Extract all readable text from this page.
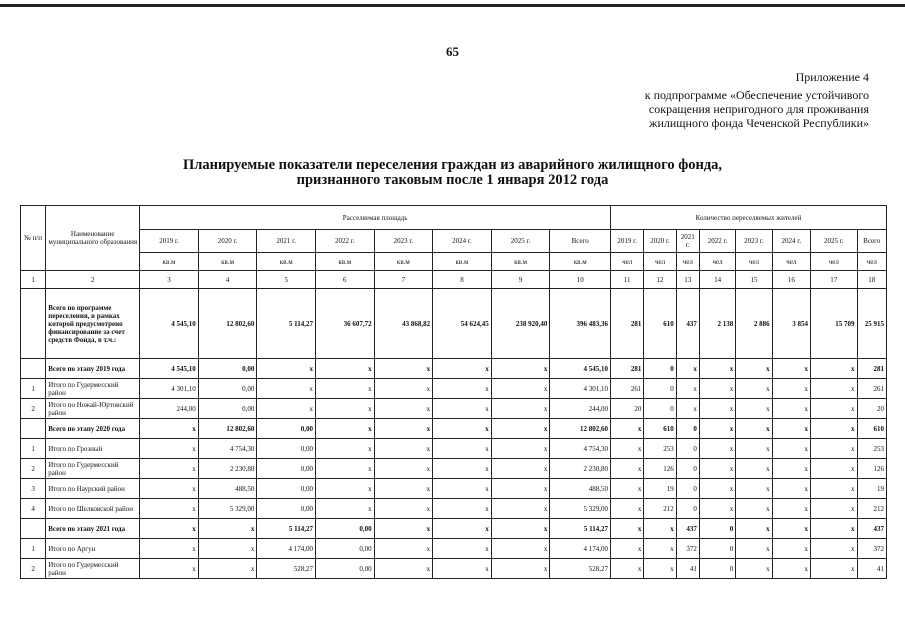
65
Приложение 4
к подпрограмме «Обеспечение устойчивого
сокращения непригодного для проживания
жилищного фонда Чеченской Республики»
Планируемые показатели переселения граждан из аварийного жилищного фонда,
признанного таковым после 1 января 2012 года
№ п/п	Наименование муниципального образования	Расселяемая площадь								Количество переселяемых жителей							
		2019 г.	2020 г.	2021 г.	2022 г.	2023 г.	2024 г.	2025 г.	Всего	2019 г.	2020 г.	2021 г.	2022 г.	2023 г.	2024 г.	2025 г.	Всего
		кв.м	кв.м	кв.м	кв.м	кв.м	кв.м	кв.м	кв.м	чел	чел	чел	чел	чел	чел	чел	чел
1	2	3	4	5	6	7	8	9	10	11	12	13	14	15	16	17	18
	Всего по программе переселения, в рамках которой предусмотрено финансирование за счет средств Фонда, в т.ч.:	4 545,10	12 802,60	5 114,27	36 607,72	43 868,82	54 624,45	238 920,40	396 483,36	281	610	437	2 138	2 886	3 854	15 709	25 915
	Всего по этапу 2019 года	4 545,10	0,00	x	x	x	x	x	4 545,10	281	0	x	x	x	x	x	281
1	Итого по Гудермесский район	4 301,10	0,00	x	x	x	x	x	4 301,10	261	0	x	x	x	x	x	261
2	Итого по Ножай-Юртовский район	244,00	0,00	x	x	x	x	x	244,00	20	0	x	x	x	x	x	20
	Всего по этапу 2020 года	x	12 802,60	0,00	x	x	x	x	12 802,60	x	610	0	x	x	x	x	610
1	Итого по Грозный	x	4 754,30	0,00	x	x	x	x	4 754,30	x	253	0	x	x	x	x	253
2	Итого по Гудермесский район	x	2 230,80	0,00	x	x	x	x	2 230,80	x	126	0	x	x	x	x	126
3	Итого по Наурский район	x	488,50	0,00	x	x	x	x	488,50	x	19	0	x	x	x	x	19
4	Итого по Шелковской район	x	5 329,00	0,00	x	x	x	x	5 329,00	x	212	0	x	x	x	x	212
	Всего по этапу 2021 года	x	x	5 114,27	0,00	x	x	x	5 114,27	x	x	437	0	x	x	x	437
1	Итого по Аргун	x	x	4 174,00	0,00	x	x	x	4 174,00	x	x	372	0	x	x	x	372
2	Итого по Гудермесский район	x	x	528,27	0,00	x	x	x	528,27	x	x	41	0	x	x	x	41
